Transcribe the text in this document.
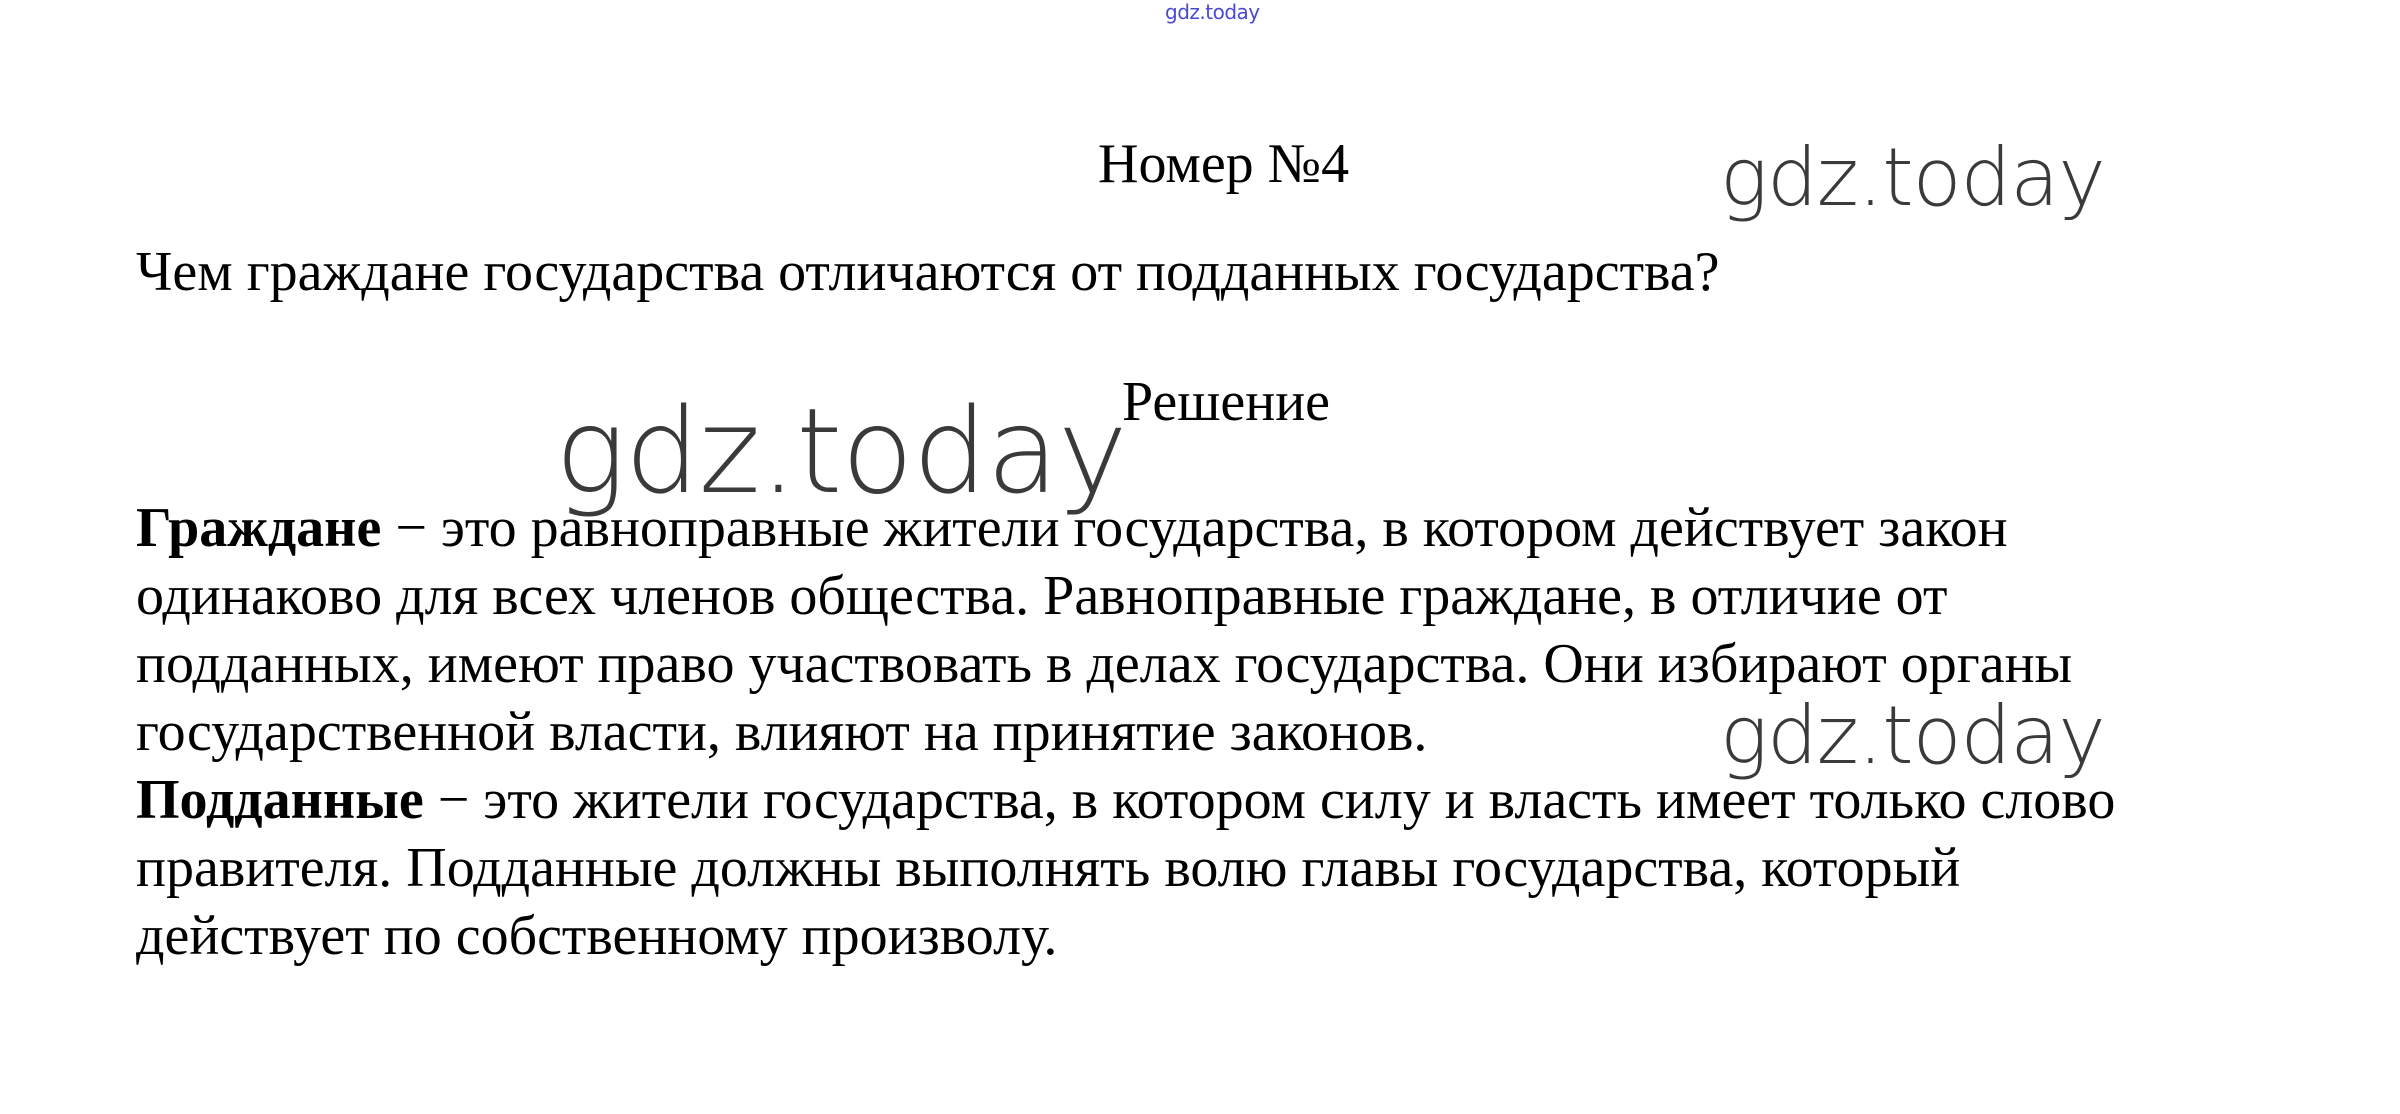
gdz.today
gdz.today
gdz.today
gdz.today
Номер №4
Чем граждане государства отличаются от подданных государства?
Решение
Граждане − это равноправные жители государства, в котором действует закон
одинаково для всех членов общества. Равноправные граждане, в отличие от
подданных, имеют право участвовать в делах государства. Они избирают органы
государственной власти, влияют на принятие законов.
Подданные − это жители государства, в котором силу и власть имеет только слово
правителя. Подданные должны выполнять волю главы государства, который
действует по собственному произволу.
